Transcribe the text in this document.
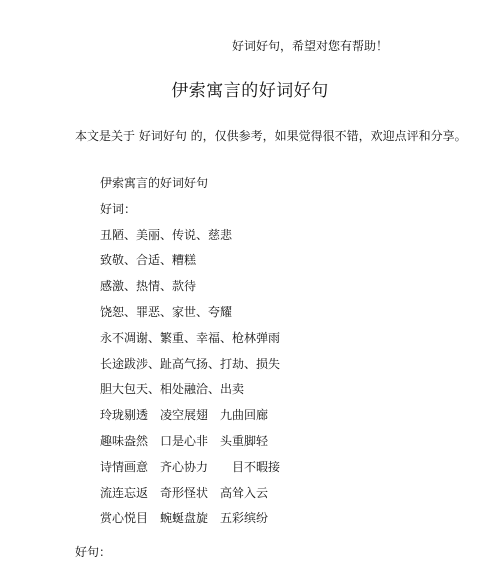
好词好句，希望对您有帮助！
伊索寓言的好词好句
本文是关于 好词好句 的，仅供参考，如果觉得很不错，欢迎点评和分享。
伊索寓言的好词好句
好词：
丑陋、美丽、传说、慈悲
致敬、合适、糟糕
感激、热情、款待
饶恕、罪恶、家世、夸耀
永不凋谢、繁重、幸福、枪林弹雨
长途跋涉、趾高气扬、打劫、损失
胆大包天、相处融洽、出卖
玲珑剔透　凌空展翅　九曲回廊
趣味盎然　口是心非　头重脚轻
诗情画意　齐心协力　　目不暇接
流连忘返　奇形怪状　高耸入云
赏心悦目　蜿蜒盘旋　五彩缤纷
好句：
